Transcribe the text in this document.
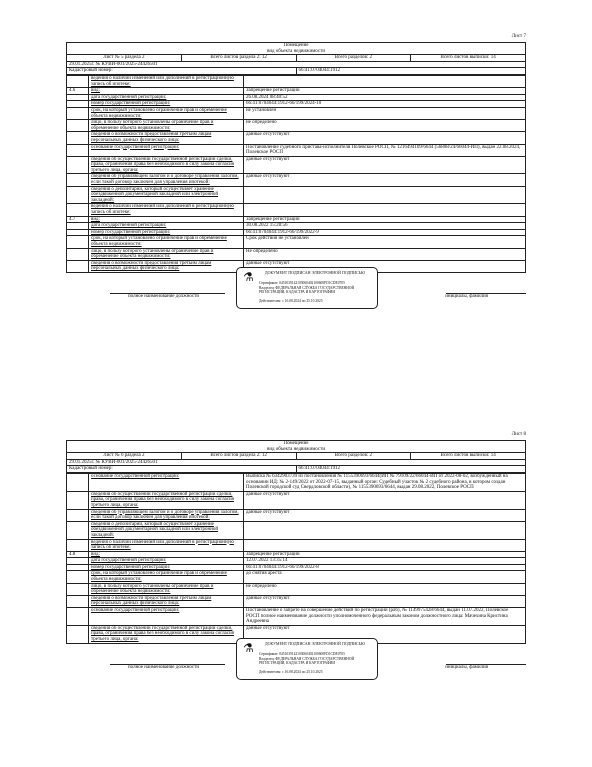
Лист 7
Помещение
вид объекта недвижимости			
Лист № 5 раздела 2	Всего листов раздела 2: 12	Всего разделов: 2	Всего листов выписки: 14
29.01.2025г. № КУВИ-001/2025-24426501			
Кадастровый номер:		66:41:0704044:1912	
	ведения о наличии изменений или дополнений в регистрационную запись об ипотеке:	
4.6	вид:	Запрещение регистрации
	дата государственной регистрации:	26.08.2024 08:40:52
	номер государственной регистрации:	66:41:0704044:1912-66/199/2024-10
	срок, на который установлено ограничение прав и обременение объекта недвижимости:	не установлен
	лицо, в пользу которого установлены ограничение прав и обременение объекта недвижимости:	не определено
	сведения о возможности предоставления третьим лицам персональных данных физического лица:	данные отсутствуют
	основание государственной регистрации:	Постановление судебного пристава-исполнителя Полевское РОСП, № 1216494109/6644 (56808/24/66044-ИП), выдан 22.08.2024, Полевское РОСП
	сведения об осуществлении государственной регистрации сделки, права, ограничения права без необходимого в силу закона согласия третьего лица, органа:	данные отсутствуют
	сведения об управляющем залогом и о договоре управления залогом, если такой договор заключен для управления ипотекой:	данные отсутствуют
	сведения о депозитарии, который осуществляет хранение обездвиженной документарной закладной или электронной закладной:	
	ведения о наличии изменений или дополнений в регистрационную запись об ипотеке:	
4.7	вид:	Запрещение регистрации
	дата государственной регистрации:	30.08.2022 15:28:56
	номер государственной регистрации:	66:41:0704044:1912-66/199/2022-9
	срок, на который установлено ограничение прав и обременение объекта недвижимости:	Срок действия не установлен
	лицо, в пользу которого установлены ограничение прав и обременение объекта недвижимости:	Не определено
	сведения о возможности предоставления третьим лицам персональных данных физического лица:	данные отсутствуют
полное наименование должности
⚗	ДОКУМЕНТ ПОДПИСАН ЭЛЕКТРОННОЙ ПОДПИСЬЮ
Сертификат: 0451039142103060402100600FD1CDE0705
Владелец: ФЕДЕРАЛЬНАЯ СЛУЖБА ГОСУДАРСТВЕННОЙ РЕГИСТРАЦИИ, КАДАСТРА И КАРТОГРАФИИ
Действителен: с 16.08.2024 по 25.10.2025
инициалы, фамилия
Лист 8
Помещение
вид объекта недвижимости			
Лист № 6 раздела 2	Всего листов раздела 2: 12	Всего разделов: 2	Всего листов выписки: 14
29.01.2025г. № КУВИ-001/2025-24426501			
Кадастровый номер:		66:41:0704044:1912	
	основание государственной регистрации:	Выписка № 6342903739 из постановления № 1155390693/6644(ИП № 79109/22/66044-ИП от 2022-08-02, возбужденный на основании ИД: № 2-149/2022 от 2022-07-15, выданный орган: Судебный участок № 2 судебного района, в котором создан Полевской городской суд Свердловской области), № 1155390693/6644, выдан 29.08.2022, Полевское РОСП
	сведения об осуществлении государственной регистрации сделки, права, ограничения права без необходимого в силу закона согласия третьего лица, органа:	данные отсутствуют
	сведения об управляющем залогом и о договоре управления залогом, если такой договор заключен для управления ипотекой:	данные отсутствуют
	сведения о депозитарии, который осуществляет хранение обездвиженной документарной закладной или электронной закладной:	
	ведения о наличии изменений или дополнений в регистрационную запись об ипотеке:	
4.8	вид:	Запрещение регистрации
	дата государственной регистрации:	12.07.2022 13:35:14
	номер государственной регистрации:	66:41:0704044:1912-66/199/2022-8
	срок, на который установлено ограничение прав и обременение объекта недвижимости:	до снятия ареста
	лицо, в пользу которого установлены ограничение прав и обременение объекта недвижимости:	не определено
	сведения о возможности предоставления третьим лицам персональных данных физического лица:	данные отсутствуют
	основание государственной регистрации:	Постановление о запрете на совершение действий по регистрации (рлб), № 1149975428/6644, выдан 11.07.2022, Полевское РОСП полное наименование должности уполномоченного федеральным законом должностного лица: Мачехина Кристина Андреевна
	сведения об осуществлении государственной регистрации сделки, права, ограничения права без необходимого в силу закона согласия третьего лица, органа:	данные отсутствуют
полное наименование должности
⚗	ДОКУМЕНТ ПОДПИСАН ЭЛЕКТРОННОЙ ПОДПИСЬЮ
Сертификат: 0451039142103060402100600FD1CDE0705
Владелец: ФЕДЕРАЛЬНАЯ СЛУЖБА ГОСУДАРСТВЕННОЙ РЕГИСТРАЦИИ, КАДАСТРА И КАРТОГРАФИИ
Действителен: с 16.08.2024 по 25.10.2025
инициалы, фамилия
